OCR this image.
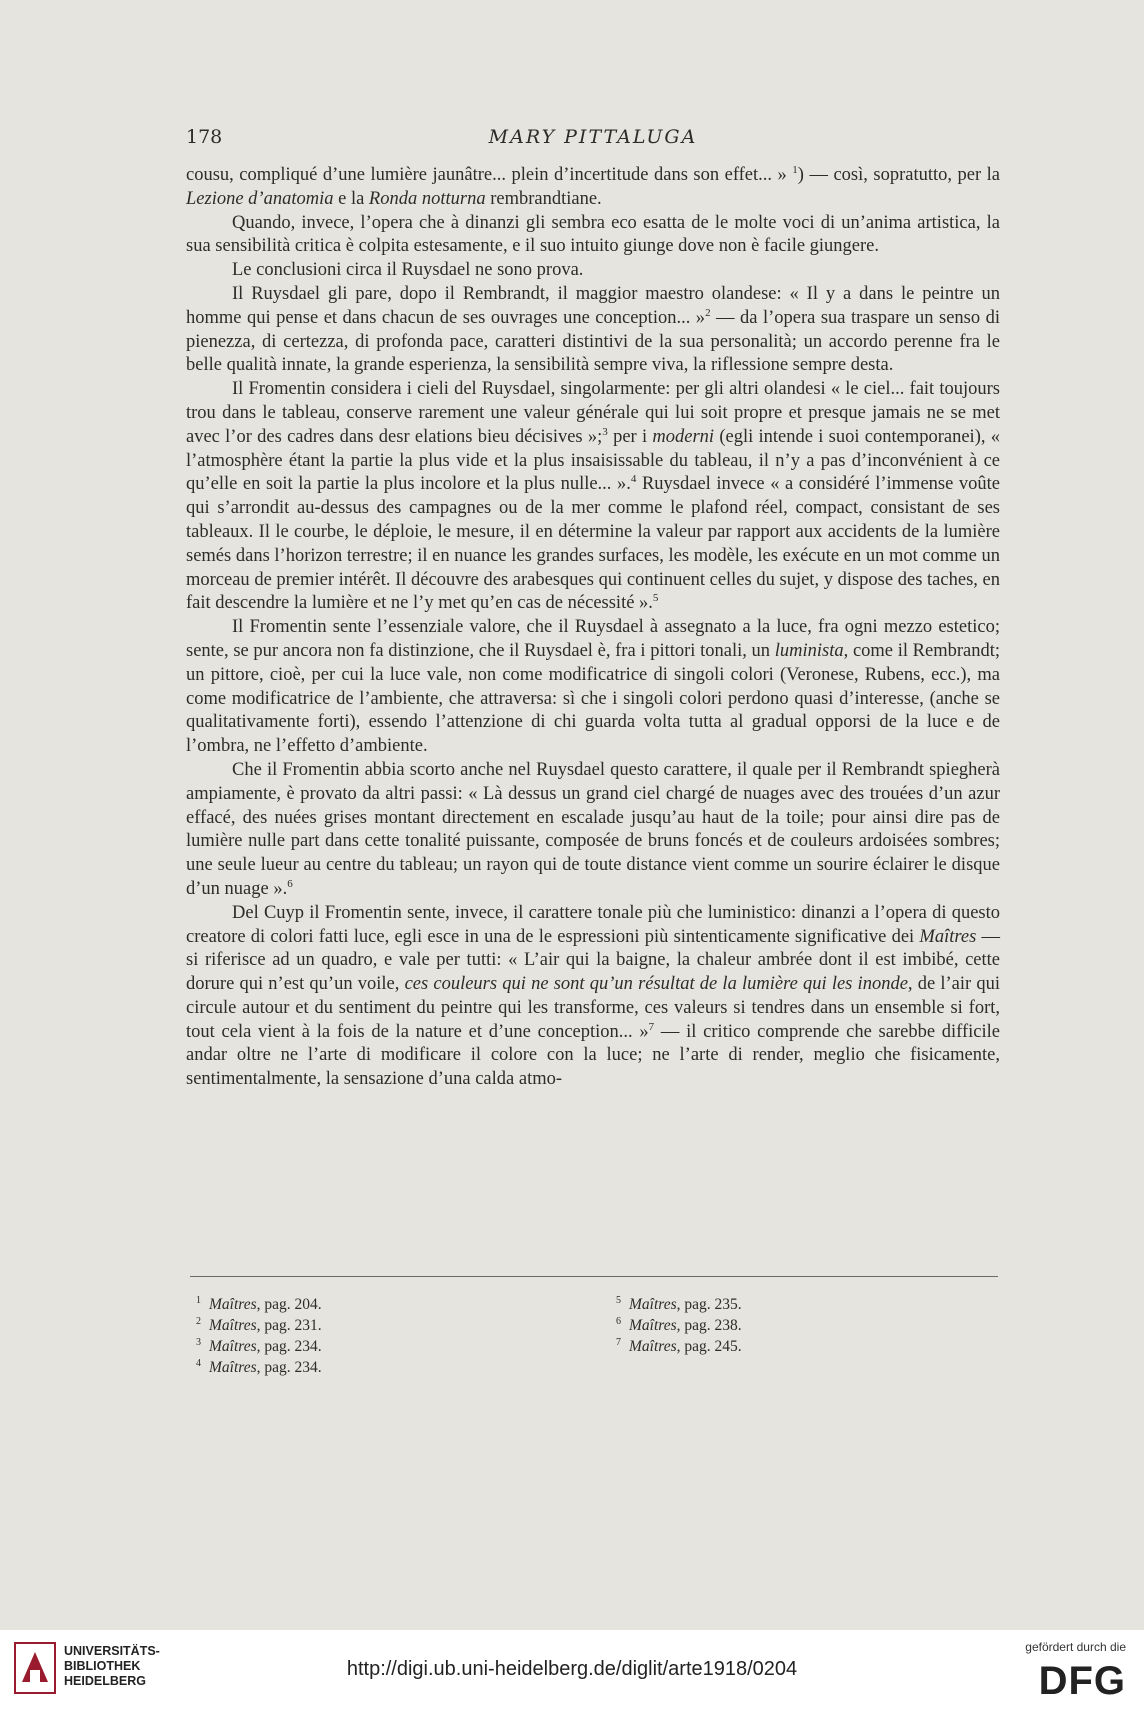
178	MARY PITTALUGA

cousu, compliqué d’une lumière jaunâtre... plein d’incertitude dans son effet... » $^1$) — così, sopratutto, per la Lezione d’anatomia e la Ronda notturna rembrandtiane.

Quando, invece, l’opera che à dinanzi gli sembra eco esatta de le molte voci di un’anima artistica, la sua sensibilità critica è colpita estesamente, e il suo intuito giunge dove non è facile giungere.

Le conclusioni circa il Ruysdael ne sono prova.

Il Ruysdael gli pare, dopo il Rembrandt, il maggior maestro olandese: « Il y a dans le peintre un homme qui pense et dans chacun de ses ouvrages une conception... »$^2$ — da l’opera sua traspare un senso di pienezza, di certezza, di profonda pace, caratteri distintivi de la sua personalità; un accordo perenne fra le belle qualità innate, la grande esperienza, la sensibilità sempre viva, la riflessione sempre desta.

Il Fromentin considera i cieli del Ruysdael, singolarmente: per gli altri olandesi « le ciel... fait toujours trou dans le tableau, conserve rarement une valeur générale qui lui soit propre et presque jamais ne se met avec l’or des cadres dans desr elations bieu décisives »;$^3$ per i moderni (egli intende i suoi contemporanei), « l’atmosphère étant la partie la plus vide et la plus insaisissable du tableau, il n’y a pas d’inconvénient à ce qu’elle en soit la partie la plus incolore et la plus nulle... ».$^4$ Ruysdael invece « a considéré l’immense voûte qui s’arrondit au-dessus des campagnes ou de la mer comme le plafond réel, compact, consistant de ses tableaux. Il le courbe, le déploie, le mesure, il en détermine la valeur par rapport aux accidents de la lumière semés dans l’horizon terrestre; il en nuance les grandes surfaces, les modèle, les exécute en un mot comme un morceau de premier intérêt. Il découvre des arabesques qui continuent celles du sujet, y dispose des taches, en fait descendre la lumière et ne l’y met qu’en cas de nécessité ».$^5$

Il Fromentin sente l’essenziale valore, che il Ruysdael à assegnato a la luce, fra ogni mezzo estetico; sente, se pur ancora non fa distinzione, che il Ruysdael è, fra i pittori tonali, un luminista, come il Rembrandt; un pittore, cioè, per cui la luce vale, non come modificatrice di singoli colori (Veronese, Rubens, ecc.), ma come modificatrice de l’ambiente, che attraversa: sì che i singoli colori perdono quasi d’interesse, (anche se qualitativamente forti), essendo l’attenzione di chi guarda volta tutta al gradual opporsi de la luce e de l’ombra, ne l’effetto d’ambiente.

Che il Fromentin abbia scorto anche nel Ruysdael questo carattere, il quale per il Rembrandt spiegherà ampiamente, è provato da altri passi: « Là dessus un grand ciel chargé de nuages avec des trouées d’un azur effacé, des nuées grises montant directement en escalade jusqu’au haut de la toile; pour ainsi dire pas de lumière nulle part dans cette tonalité puissante, composée de bruns foncés et de couleurs ardoisées sombres; une seule lueur au centre du tableau; un rayon qui de toute distance vient comme un sourire éclairer le disque d’un nuage ».$^6$

Del Cuyp il Fromentin sente, invece, il carattere tonale più che luministico: dinanzi a l’opera di questo creatore di colori fatti luce, egli esce in una de le espressioni più sintenticamente significative dei Maîtres — si riferisce ad un quadro, e vale per tutti: « L’air qui la baigne, la chaleur ambrée dont il est imbibé, cette dorure qui n’est qu’un voile, ces couleurs qui ne sont qu’un résultat de la lumière qui les inonde, de l’air qui circule autour et du sentiment du peintre qui les transforme, ces valeurs si tendres dans un ensemble si fort, tout cela vient à la fois de la nature et d’une conception... »$^7$ — il critico comprende che sarebbe difficile andar oltre ne l’arte di modificare il colore con la luce; ne l’arte di render, meglio che fisicamente, sentimentalmente, la sensazione d’una calda atmo-

$^1$ Maîtres, pag. 204.
$^2$ Maîtres, pag. 231.
$^3$ Maîtres, pag. 234.
$^4$ Maîtres, pag. 234.
$^5$ Maîtres, pag. 235.
$^6$ Maîtres, pag. 238.
$^7$ Maîtres, pag. 245.
UNIVERSITÄTS-
BIBLIOTHEK
HEIDELBERG
http://digi.ub.uni-heidelberg.de/diglit/arte1918/0204
gefördert durch die
DFG
